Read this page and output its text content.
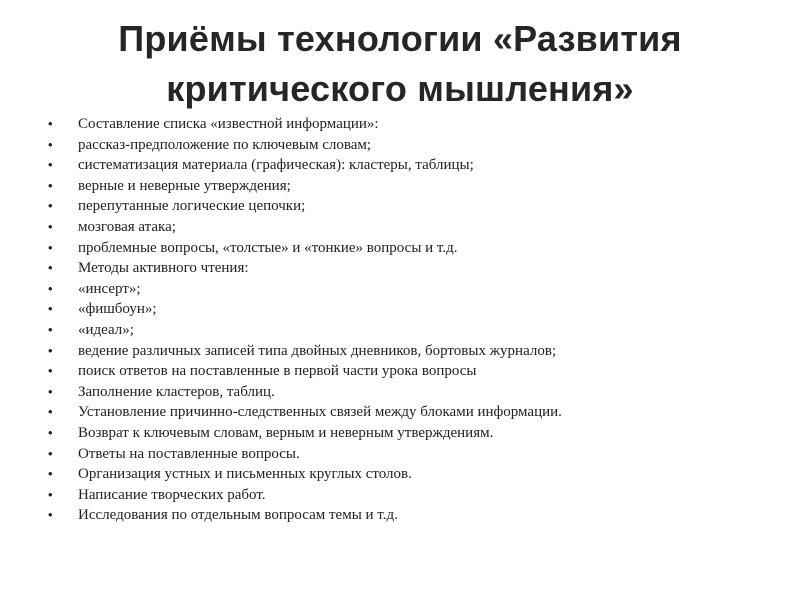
Приёмы технологии «Развития
критического мышления»
• Составление списка «известной информации»:
• рассказ-предположение по ключевым словам;
• систематизация материала (графическая): кластеры, таблицы;
• верные и неверные утверждения;
• перепутанные логические цепочки;
• мозговая атака;
• проблемные вопросы, «толстые» и «тонкие» вопросы и т.д.
• Методы активного чтения:
• «инсерт»;
• «фишбоун»;
• «идеал»;
• ведение различных записей типа двойных дневников, бортовых журналов;
• поиск ответов на поставленные в первой части урока вопросы
• Заполнение кластеров, таблиц.
• Установление причинно-следственных связей между блоками информации.
• Возврат к ключевым словам, верным и неверным утверждениям.
• Ответы на поставленные вопросы.
• Организация устных и письменных круглых столов.
• Написание творческих работ.
• Исследования по отдельным вопросам темы и т.д.
